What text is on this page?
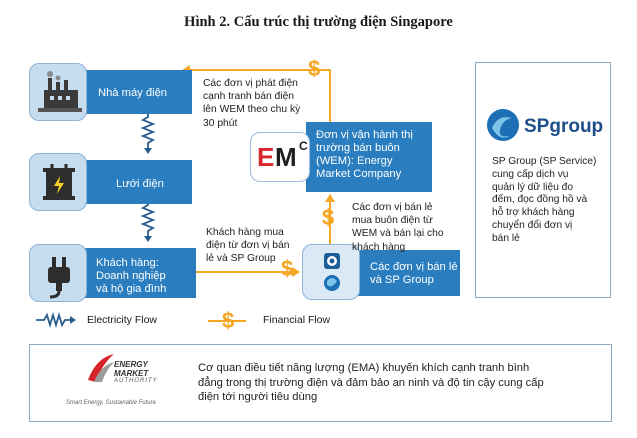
Hình 2. Cấu trúc thị trường điện Singapore
Nhà máy điện
Lưới điện
Khách hàng:
Doanh nghiệp
và hộ gia đình
Đơn vị vận hành thị
trường bán buôn
(WEM): Energy
Market Company
E M C
Các đơn vị bán lẻ
và SP Group
$
$
$
$
Các đơn vị phát điện
cạnh tranh bán điện
lên WEM theo chu kỳ
30 phút
Các đơn vị bán lẻ
mua buôn điện từ
WEM và bán lại cho
khách hàng
Khách hàng mua
điện từ đơn vị bán
lẻ và SP Group
SPgroup
SP Group (SP Service)
cung cấp dịch vụ
quản lý dữ liệu đo
đếm, đọc đồng hồ và
hỗ trợ khách hàng
chuyển đổi đơn vị
bán lẻ
Electricity Flow	Financial Flow
ENERGY
MARKET
AUTHORITY
Smart Energy, Sustainable Future
Cơ quan điều tiết năng lượng (EMA) khuyến khích cạnh tranh bình
đẳng trong thị trường điện và đảm bảo an ninh và độ tin cậy cung cấp
điện tới người tiêu dùng
